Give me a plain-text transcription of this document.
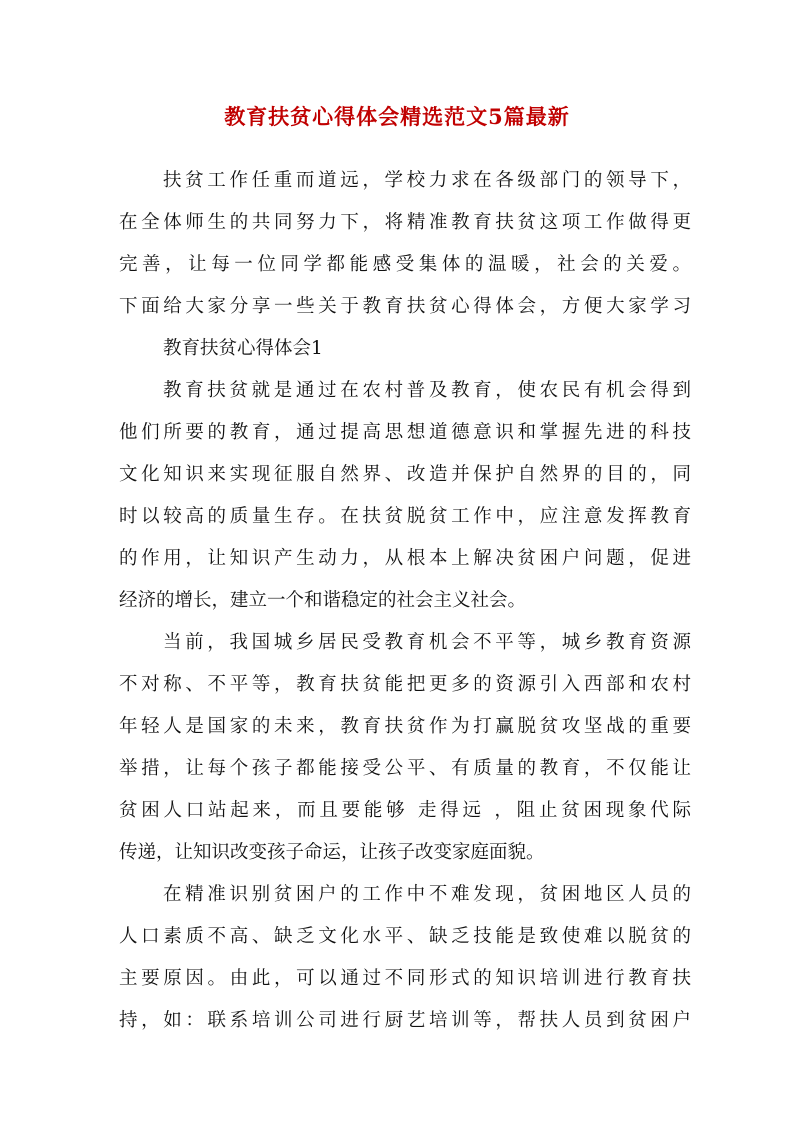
教育扶贫心得体会精选范文5篇最新
扶贫工作任重而道远，学校力求在各级部门的领导下，
在全体师生的共同努力下，将精准教育扶贫这项工作做得更
完善，让每一位同学都能感受集体的温暖，社会的关爱。
下面给大家分享一些关于教育扶贫心得体会，方便大家学习
教育扶贫心得体会1
教育扶贫就是通过在农村普及教育，使农民有机会得到
他们所要的教育，通过提高思想道德意识和掌握先进的科技
文化知识来实现征服自然界、改造并保护自然界的目的，同
时以较高的质量生存。在扶贫脱贫工作中，应注意发挥教育
的作用，让知识产生动力，从根本上解决贫困户问题，促进
经济的增长，建立一个和谐稳定的社会主义社会。
当前，我国城乡居民受教育机会不平等，城乡教育资源
不对称、不平等，教育扶贫能把更多的资源引入西部和农村
年轻人是国家的未来，教育扶贫作为打赢脱贫攻坚战的重要
举措，让每个孩子都能接受公平、有质量的教育，不仅能让
贫困人口站起来，而且要能够 走得远 ，阻止贫困现象代际
传递，让知识改变孩子命运，让孩子改变家庭面貌。
在精准识别贫困户的工作中不难发现，贫困地区人员的
人口素质不高、缺乏文化水平、缺乏技能是致使难以脱贫的
主要原因。由此，可以通过不同形式的知识培训进行教育扶
持，如：联系培训公司进行厨艺培训等，帮扶人员到贫困户
